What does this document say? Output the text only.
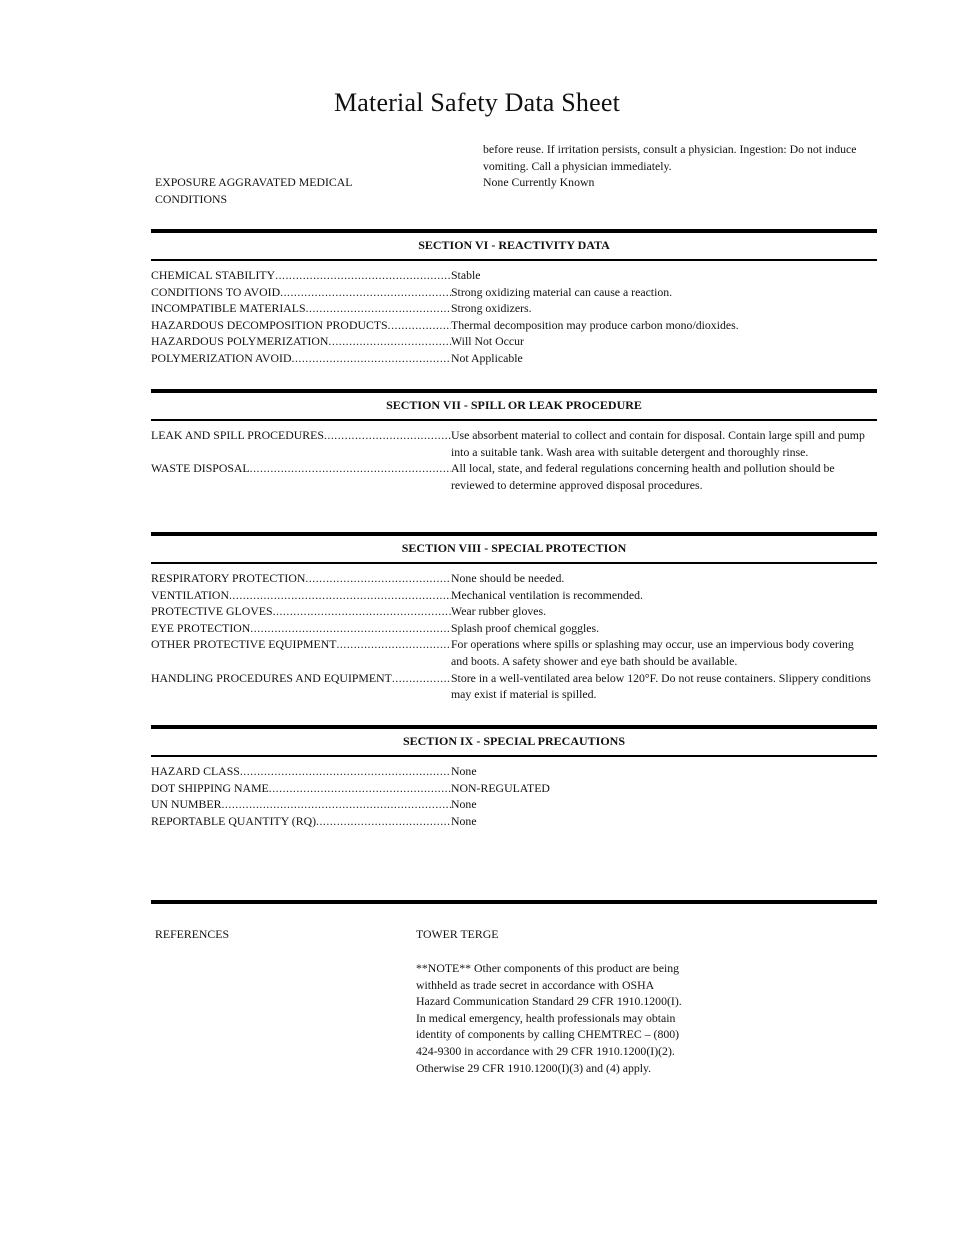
Material Safety Data Sheet
before reuse. If irritation persists, consult a physician. Ingestion: Do not induce vomiting. Call a physician immediately.
EXPOSURE AGGRAVATED MEDICAL
CONDITIONS
None Currently Known
SECTION VI - REACTIVITY DATA
CHEMICAL STABILITY .....	Stable
CONDITIONS TO AVOID .....	Strong oxidizing material can cause a reaction.
INCOMPATIBLE MATERIALS .....	Strong oxidizers.
HAZARDOUS DECOMPOSITION PRODUCTS .....	Thermal decomposition may produce carbon mono/dioxides.
HAZARDOUS POLYMERIZATION .....	Will Not Occur
POLYMERIZATION AVOID .....	Not Applicable
SECTION VII - SPILL OR LEAK PROCEDURE
LEAK AND SPILL PROCEDURES .....	Use absorbent material to collect and contain for disposal. Contain large spill and pump into a suitable tank. Wash area with suitable detergent and thoroughly rinse.
WASTE DISPOSAL .....	All local, state, and federal regulations concerning health and pollution should be reviewed to determine approved disposal procedures.
SECTION VIII - SPECIAL PROTECTION
RESPIRATORY PROTECTION .....	None should be needed.
VENTILATION .....	Mechanical ventilation is recommended.
PROTECTIVE GLOVES .....	Wear rubber gloves.
EYE PROTECTION .....	Splash proof chemical goggles.
OTHER PROTECTIVE EQUIPMENT .....	For operations where spills or splashing may occur, use an impervious body covering and boots. A safety shower and eye bath should be available.
HANDLING PROCEDURES AND EQUIPMENT .....	Store in a well-ventilated area below 120°F. Do not reuse containers. Slippery conditions may exist if material is spilled.
SECTION IX - SPECIAL PRECAUTIONS
HAZARD CLASS .....	None
DOT SHIPPING NAME .....	NON-REGULATED
UN NUMBER .....	None
REPORTABLE QUANTITY (RQ) .....	None
REFERENCES	TOWER TERGE
**NOTE** Other components of this product are being withheld as trade secret in accordance with OSHA Hazard Communication Standard 29 CFR 1910.1200(I). In medical emergency, health professionals may obtain identity of components by calling CHEMTREC – (800) 424-9300 in accordance with 29 CFR 1910.1200(I)(2). Otherwise 29 CFR 1910.1200(I)(3) and (4) apply.
